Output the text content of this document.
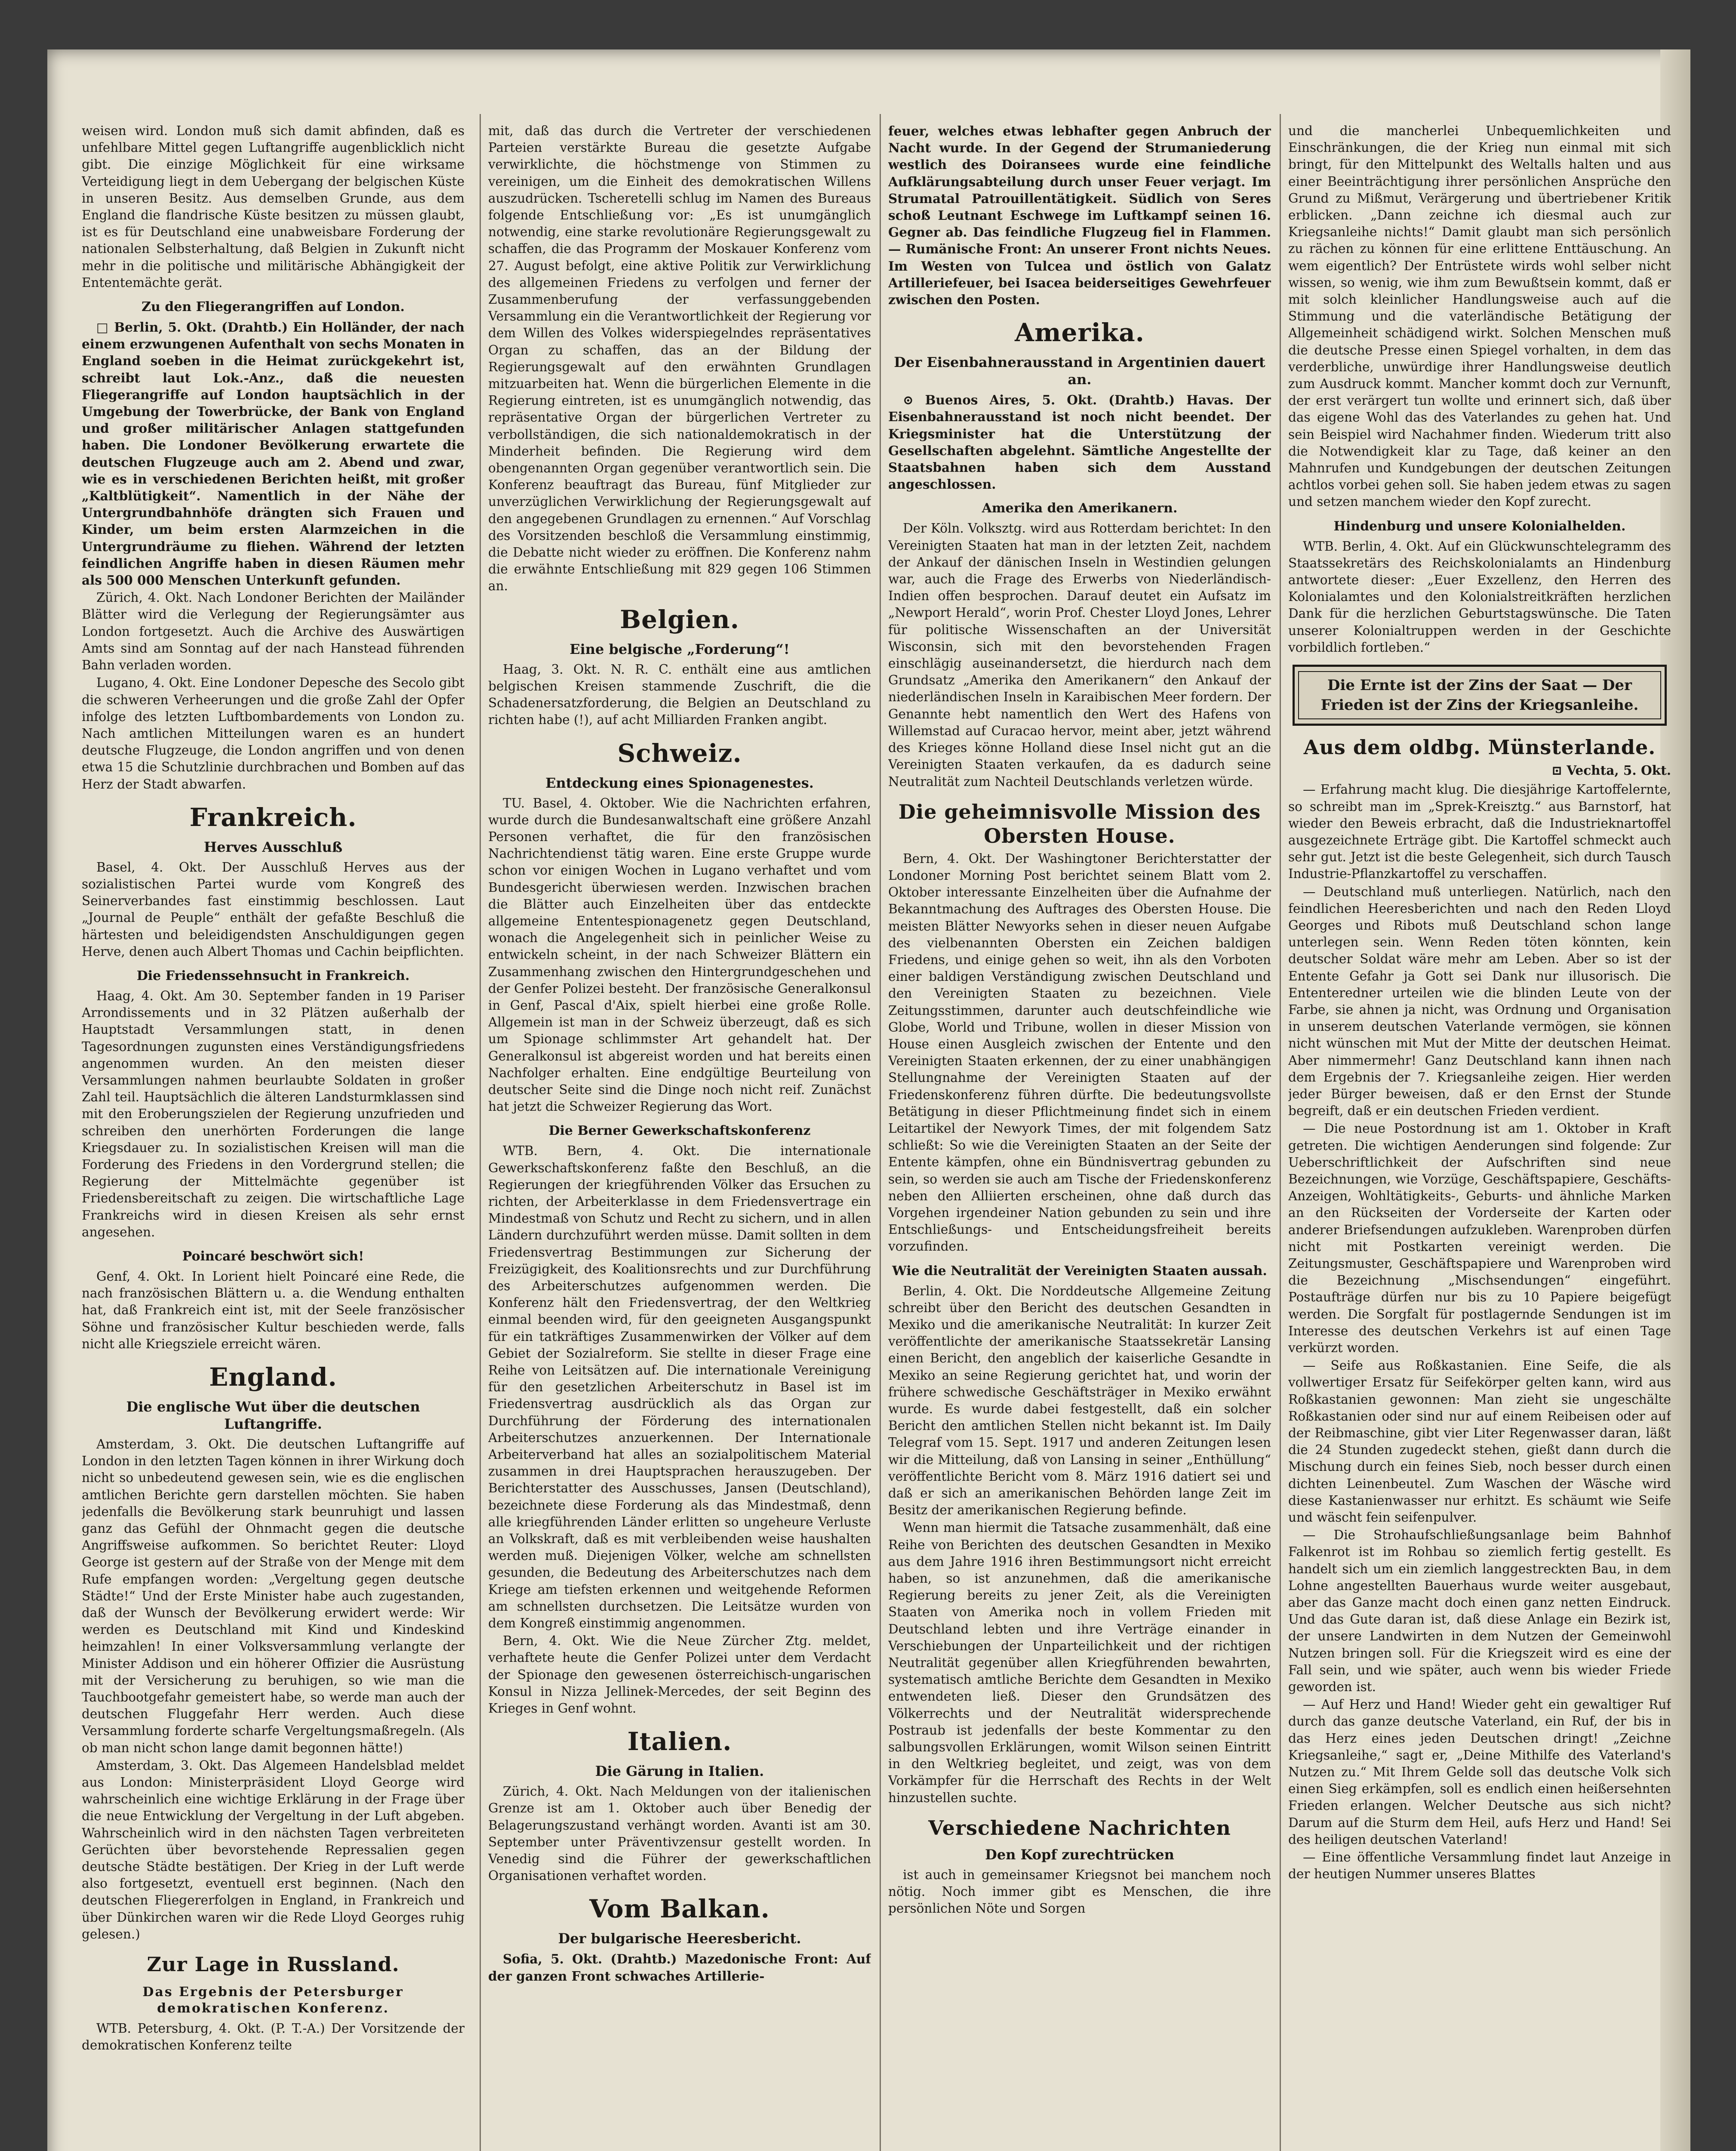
weisen wird. London muß sich damit abfinden, daß es unfehlbare Mittel gegen Luftangriffe augenblicklich nicht gibt. Die einzige Möglichkeit für eine wirksame Verteidigung liegt in dem Uebergang der belgischen Küste in unseren Besitz. Aus demselben Grunde, aus dem England die flandrische Küste besitzen zu müssen glaubt, ist es für Deutschland eine unabweisbare Forderung der nationalen Selbsterhaltung, daß Belgien in Zukunft nicht mehr in die politische und militärische Abhängigkeit der Ententemächte gerät.

Zu den Fliegerangriffen auf London.

□ Berlin, 5. Okt. (Drahtb.) Ein Holländer, der nach einem erzwungenen Aufenthalt von sechs Monaten in England soeben in die Heimat zurückgekehrt ist, schreibt laut Lok.-Anz., daß die neuesten Fliegerangriffe auf London hauptsächlich in der Umgebung der Towerbrücke, der Bank von England und großer militärischer Anlagen stattgefunden haben. Die Londoner Bevölkerung erwartete die deutschen Flugzeuge auch am 2. Abend und zwar, wie es in verschiedenen Berichten heißt, mit großer „Kaltblütigkeit“. Namentlich in der Nähe der Untergrundbahnhöfe drängten sich Frauen und Kinder, um beim ersten Alarmzeichen in die Untergrundräume zu fliehen. Während der letzten feindlichen Angriffe haben in diesen Räumen mehr als 500 000 Menschen Unterkunft gefunden.

Zürich, 4. Okt. Nach Londoner Berichten der Mailänder Blätter wird die Verlegung der Regierungsämter aus London fortgesetzt. Auch die Archive des Auswärtigen Amts sind am Sonntag auf der nach Hanstead führenden Bahn verladen worden.

Lugano, 4. Okt. Eine Londoner Depesche des Secolo gibt die schweren Verheerungen und die große Zahl der Opfer infolge des letzten Luftbombardements von London zu. Nach amtlichen Mitteilungen waren es an hundert deutsche Flugzeuge, die London angriffen und von denen etwa 15 die Schutzlinie durchbrachen und Bomben auf das Herz der Stadt abwarfen.

Frankreich.
Herves Ausschluß

Basel, 4. Okt. Der Ausschluß Herves aus der sozialistischen Partei wurde vom Kongreß des Seinerverbandes fast einstimmig beschlossen. Laut „Journal de Peuple“ enthält der gefaßte Beschluß die härtesten und beleidigendsten Anschuldigungen gegen Herve, denen auch Albert Thomas und Cachin beipflichten.

Die Friedenssehnsucht in Frankreich.

Haag, 4. Okt. Am 30. September fanden in 19 Pariser Arrondissements und in 32 Plätzen außerhalb der Hauptstadt Versammlungen statt, in denen Tagesordnungen zugunsten eines Verständigungsfriedens angenommen wurden. An den meisten dieser Versammlungen nahmen beurlaubte Soldaten in großer Zahl teil. Hauptsächlich die älteren Landsturmklassen sind mit den Eroberungszielen der Regierung unzufrieden und schreiben den unerhörten Forderungen die lange Kriegsdauer zu. In sozialistischen Kreisen will man die Forderung des Friedens in den Vordergrund stellen; die Regierung der Mittelmächte gegenüber ist Friedensbereitschaft zu zeigen. Die wirtschaftliche Lage Frankreichs wird in diesen Kreisen als sehr ernst angesehen.

Poincaré beschwört sich!

Genf, 4. Okt. In Lorient hielt Poincaré eine Rede, die nach französischen Blättern u. a. die Wendung enthalten hat, daß Frankreich eint ist, mit der Seele französischer Söhne und französischer Kultur beschieden werde, falls nicht alle Kriegsziele erreicht wären.

England.
Die englische Wut über die deutschen Luftangriffe.

Amsterdam, 3. Okt. Die deutschen Luftangriffe auf London in den letzten Tagen können in ihrer Wirkung doch nicht so unbedeutend gewesen sein, wie es die englischen amtlichen Berichte gern darstellen möchten. Sie haben jedenfalls die Bevölkerung stark beunruhigt und lassen ganz das Gefühl der Ohnmacht gegen die deutsche Angriffsweise aufkommen. So berichtet Reuter: Lloyd George ist gestern auf der Straße von der Menge mit dem Rufe empfangen worden: „Vergeltung gegen deutsche Städte!“ Und der Erste Minister habe auch zugestanden, daß der Wunsch der Bevölkerung erwidert werde: Wir werden es Deutschland mit Kind und Kindeskind heimzahlen! In einer Volksversammlung verlangte der Minister Addison und ein höherer Offizier die Ausrüstung mit der Versicherung zu beruhigen, so wie man die Tauchbootgefahr gemeistert habe, so werde man auch der deutschen Fluggefahr Herr werden. Auch diese Versammlung forderte scharfe Vergeltungsmaßregeln. (Als ob man nicht schon lange damit begonnen hätte!)

Amsterdam, 3. Okt. Das Algemeen Handelsblad meldet aus London: Ministerpräsident Lloyd George wird wahrscheinlich eine wichtige Erklärung in der Frage über die neue Entwicklung der Vergeltung in der Luft abgeben. Wahrscheinlich wird in den nächsten Tagen verbreiteten Gerüchten über bevorstehende Repressalien gegen deutsche Städte bestätigen. Der Krieg in der Luft werde also fortgesetzt, eventuell erst beginnen. (Nach den deutschen Fliegererfolgen in England, in Frankreich und über Dünkirchen waren wir die Rede Lloyd Georges ruhig gelesen.)

Zur Lage in Russland.
Das Ergebnis der Petersburger demokratischen Konferenz.

WTB. Petersburg, 4. Okt. (P. T.-A.) Der Vorsitzende der demokratischen Konferenz teilte

mit, daß das durch die Vertreter der verschiedenen Parteien verstärkte Bureau die gesetzte Aufgabe verwirklichte, die höchstmenge von Stimmen zu vereinigen, um die Einheit des demokratischen Willens auszudrücken. Tscheretelli schlug im Namen des Bureaus folgende Entschließung vor: „Es ist unumgänglich notwendig, eine starke revolutionäre Regierungsgewalt zu schaffen, die das Programm der Moskauer Konferenz vom 27. August befolgt, eine aktive Politik zur Verwirklichung des allgemeinen Friedens zu verfolgen und ferner der Zusammenberufung der verfassunggebenden Versammlung ein die Verantwortlichkeit der Regierung vor dem Willen des Volkes widerspiegelndes repräsentatives Organ zu schaffen, das an der Bildung der Regierungsgewalt auf den erwähnten Grundlagen mitzuarbeiten hat. Wenn die bürgerlichen Elemente in die Regierung eintreten, ist es unumgänglich notwendig, das repräsentative Organ der bürgerlichen Vertreter zu verbollständigen, die sich nationaldemokratisch in der Minderheit befinden. Die Regierung wird dem obengenannten Organ gegenüber verantwortlich sein. Die Konferenz beauftragt das Bureau, fünf Mitglieder zur unverzüglichen Verwirklichung der Regierungsgewalt auf den angegebenen Grundlagen zu ernennen.“ Auf Vorschlag des Vorsitzenden beschloß die Versammlung einstimmig, die Debatte nicht wieder zu eröffnen. Die Konferenz nahm die erwähnte Entschließung mit 829 gegen 106 Stimmen an.

Belgien.
Eine belgische „Forderung“!

Haag, 3. Okt. N. R. C. enthält eine aus amtlichen belgischen Kreisen stammende Zuschrift, die die Schadenersatzforderung, die Belgien an Deutschland zu richten habe (!), auf acht Milliarden Franken angibt.

Schweiz.
Entdeckung eines Spionagenestes.

TU. Basel, 4. Oktober. Wie die Nachrichten erfahren, wurde durch die Bundesanwaltschaft eine größere Anzahl Personen verhaftet, die für den französischen Nachrichtendienst tätig waren. Eine erste Gruppe wurde schon vor einigen Wochen in Lugano verhaftet und vom Bundesgericht überwiesen werden. Inzwischen brachen die Blätter auch Einzelheiten über das entdeckte allgemeine Ententespionagenetz gegen Deutschland, wonach die Angelegenheit sich in peinlicher Weise zu entwickeln scheint, in der nach Schweizer Blättern ein Zusammenhang zwischen den Hintergrundgeschehen und der Genfer Polizei besteht. Der französische Generalkonsul in Genf, Pascal d'Aix, spielt hierbei eine große Rolle. Allgemein ist man in der Schweiz überzeugt, daß es sich um Spionage schlimmster Art gehandelt hat. Der Generalkonsul ist abgereist worden und hat bereits einen Nachfolger erhalten. Eine endgültige Beurteilung von deutscher Seite sind die Dinge noch nicht reif. Zunächst hat jetzt die Schweizer Regierung das Wort.

Die Berner Gewerkschaftskonferenz

WTB. Bern, 4. Okt. Die internationale Gewerkschaftskonferenz faßte den Beschluß, an die Regierungen der kriegführenden Völker das Ersuchen zu richten, der Arbeiterklasse in dem Friedensvertrage ein Mindestmaß von Schutz und Recht zu sichern, und in allen Ländern durchzuführt werden müsse. Damit sollten in dem Friedensvertrag Bestimmungen zur Sicherung der Freizügigkeit, des Koalitionsrechts und zur Durchführung des Arbeiterschutzes aufgenommen werden. Die Konferenz hält den Friedensvertrag, der den Weltkrieg einmal beenden wird, für den geeigneten Ausgangspunkt für ein tatkräftiges Zusammenwirken der Völker auf dem Gebiet der Sozialreform. Sie stellte in dieser Frage eine Reihe von Leitsätzen auf. Die internationale Vereinigung für den gesetzlichen Arbeiterschutz in Basel ist im Friedensvertrag ausdrücklich als das Organ zur Durchführung der Förderung des internationalen Arbeiterschutzes anzuerkennen. Der Internationale Arbeiterverband hat alles an sozialpolitischem Material zusammen in drei Hauptsprachen herauszugeben. Der Berichterstatter des Ausschusses, Jansen (Deutschland), bezeichnete diese Forderung als das Mindestmaß, denn alle kriegführenden Länder erlitten so ungeheure Verluste an Volkskraft, daß es mit verbleibenden weise haushalten werden muß. Diejenigen Völker, welche am schnellsten gesunden, die Bedeutung des Arbeiterschutzes nach dem Kriege am tiefsten erkennen und weitgehende Reformen am schnellsten durchsetzen. Die Leitsätze wurden von dem Kongreß einstimmig angenommen.

Bern, 4. Okt. Wie die Neue Zürcher Ztg. meldet, verhaftete heute die Genfer Polizei unter dem Verdacht der Spionage den gewesenen österreichisch-ungarischen Konsul in Nizza Jellinek-Mercedes, der seit Beginn des Krieges in Genf wohnt.

Italien.
Die Gärung in Italien.

Zürich, 4. Okt. Nach Meldungen von der italienischen Grenze ist am 1. Oktober auch über Benedig der Belagerungszustand verhängt worden. Avanti ist am 30. September unter Präventivzensur gestellt worden. In Venedig sind die Führer der gewerkschaftlichen Organisationen verhaftet worden.

Vom Balkan.
Der bulgarische Heeresbericht.

Sofia, 5. Okt. (Drahtb.) Mazedonische Front: Auf der ganzen Front schwaches Artillerie-

feuer, welches etwas lebhafter gegen Anbruch der Nacht wurde. In der Gegend der Strumaniederung westlich des Doiransees wurde eine feindliche Aufklärungsabteilung durch unser Feuer verjagt. Im Strumatal Patrouillentätigkeit. Südlich von Seres schoß Leutnant Eschwege im Luftkampf seinen 16. Gegner ab. Das feindliche Flugzeug fiel in Flammen. — Rumänische Front: An unserer Front nichts Neues. Im Westen von Tulcea und östlich von Galatz Artilleriefeuer, bei Isacea beiderseitiges Gewehrfeuer zwischen den Posten.

Amerika.
Der Eisenbahnerausstand in Argentinien dauert an.

⊙ Buenos Aires, 5. Okt. (Drahtb.) Havas. Der Eisenbahnerausstand ist noch nicht beendet. Der Kriegsminister hat die Unterstützung der Gesellschaften abgelehnt. Sämtliche Angestellte der Staatsbahnen haben sich dem Ausstand angeschlossen.

Amerika den Amerikanern.

Der Köln. Volksztg. wird aus Rotterdam berichtet: In den Vereinigten Staaten hat man in der letzten Zeit, nachdem der Ankauf der dänischen Inseln in Westindien gelungen war, auch die Frage des Erwerbs von Niederländisch-Indien offen besprochen. Darauf deutet ein Aufsatz im „Newport Herald“, worin Prof. Chester Lloyd Jones, Lehrer für politische Wissenschaften an der Universität Wisconsin, sich mit den bevorstehenden Fragen einschlägig auseinandersetzt, die hierdurch nach dem Grundsatz „Amerika den Amerikanern“ den Ankauf der niederländischen Inseln in Karaibischen Meer fordern. Der Genannte hebt namentlich den Wert des Hafens von Willemstad auf Curacao hervor, meint aber, jetzt während des Krieges könne Holland diese Insel nicht gut an die Vereinigten Staaten verkaufen, da es dadurch seine Neutralität zum Nachteil Deutschlands verletzen würde.

Die geheimnisvolle Mission des Obersten House.

Bern, 4. Okt. Der Washingtoner Berichterstatter der Londoner Morning Post berichtet seinem Blatt vom 2. Oktober interessante Einzelheiten über die Aufnahme der Bekanntmachung des Auftrages des Obersten House. Die meisten Blätter Newyorks sehen in dieser neuen Aufgabe des vielbenannten Obersten ein Zeichen baldigen Friedens, und einige gehen so weit, ihn als den Vorboten einer baldigen Verständigung zwischen Deutschland und den Vereinigten Staaten zu bezeichnen. Viele Zeitungsstimmen, darunter auch deutschfeindliche wie Globe, World und Tribune, wollen in dieser Mission von House einen Ausgleich zwischen der Entente und den Vereinigten Staaten erkennen, der zu einer unabhängigen Stellungnahme der Vereinigten Staaten auf der Friedenskonferenz führen dürfte. Die bedeutungsvollste Betätigung in dieser Pflichtmeinung findet sich in einem Leitartikel der Newyork Times, der mit folgendem Satz schließt: So wie die Vereinigten Staaten an der Seite der Entente kämpfen, ohne ein Bündnisvertrag gebunden zu sein, so werden sie auch am Tische der Friedenskonferenz neben den Alliierten erscheinen, ohne daß durch das Vorgehen irgendeiner Nation gebunden zu sein und ihre Entschließungs- und Entscheidungsfreiheit bereits vorzufinden.

Wie die Neutralität der Vereinigten Staaten aussah.

Berlin, 4. Okt. Die Norddeutsche Allgemeine Zeitung schreibt über den Bericht des deutschen Gesandten in Mexiko und die amerikanische Neutralität: In kurzer Zeit veröffentlichte der amerikanische Staatssekretär Lansing einen Bericht, den angeblich der kaiserliche Gesandte in Mexiko an seine Regierung gerichtet hat, und worin der frühere schwedische Geschäftsträger in Mexiko erwähnt wurde. Es wurde dabei festgestellt, daß ein solcher Bericht den amtlichen Stellen nicht bekannt ist. Im Daily Telegraf vom 15. Sept. 1917 und anderen Zeitungen lesen wir die Mitteilung, daß von Lansing in seiner „Enthüllung“ veröffentlichte Bericht vom 8. März 1916 datiert sei und daß er sich an amerikanischen Behörden lange Zeit im Besitz der amerikanischen Regierung befinde.

Wenn man hiermit die Tatsache zusammenhält, daß eine Reihe von Berichten des deutschen Gesandten in Mexiko aus dem Jahre 1916 ihren Bestimmungsort nicht erreicht haben, so ist anzunehmen, daß die amerikanische Regierung bereits zu jener Zeit, als die Vereinigten Staaten von Amerika noch in vollem Frieden mit Deutschland lebten und ihre Verträge einander in Verschiebungen der Unparteilichkeit und der richtigen Neutralität gegenüber allen Kriegführenden bewahrten, systematisch amtliche Berichte dem Gesandten in Mexiko entwendeten ließ. Dieser den Grundsätzen des Völkerrechts und der Neutralität widersprechende Postraub ist jedenfalls der beste Kommentar zu den salbungsvollen Erklärungen, womit Wilson seinen Eintritt in den Weltkrieg begleitet, und zeigt, was von dem Vorkämpfer für die Herrschaft des Rechts in der Welt hinzustellen suchte.

Verschiedene Nachrichten
Den Kopf zurechtrücken

ist auch in gemeinsamer Kriegsnot bei manchem noch nötig. Noch immer gibt es Menschen, die ihre persönlichen Nöte und Sorgen

und die mancherlei Unbequemlichkeiten und Einschränkungen, die der Krieg nun einmal mit sich bringt, für den Mittelpunkt des Weltalls halten und aus einer Beeinträchtigung ihrer persönlichen Ansprüche den Grund zu Mißmut, Verärgerung und übertriebener Kritik erblicken. „Dann zeichne ich diesmal auch zur Kriegsanleihe nichts!“ Damit glaubt man sich persönlich zu rächen zu können für eine erlittene Enttäuschung. An wem eigentlich? Der Entrüstete wirds wohl selber nicht wissen, so wenig, wie ihm zum Bewußtsein kommt, daß er mit solch kleinlicher Handlungsweise auch auf die Stimmung und die vaterländische Betätigung der Allgemeinheit schädigend wirkt. Solchen Menschen muß die deutsche Presse einen Spiegel vorhalten, in dem das verderbliche, unwürdige ihrer Handlungsweise deutlich zum Ausdruck kommt. Mancher kommt doch zur Vernunft, der erst verärgert tun wollte und erinnert sich, daß über das eigene Wohl das des Vaterlandes zu gehen hat. Und sein Beispiel wird Nachahmer finden. Wiederum tritt also die Notwendigkeit klar zu Tage, daß keiner an den Mahnrufen und Kundgebungen der deutschen Zeitungen achtlos vorbei gehen soll. Sie haben jedem etwas zu sagen und setzen manchem wieder den Kopf zurecht.

Hindenburg und unsere Kolonialhelden.

WTB. Berlin, 4. Okt. Auf ein Glückwunschtelegramm des Staatssekretärs des Reichskolonialamts an Hindenburg antwortete dieser: „Euer Exzellenz, den Herren des Kolonialamtes und den Kolonialstreitkräften herzlichen Dank für die herzlichen Geburtstagswünsche. Die Taten unserer Kolonialtruppen werden in der Geschichte vorbildlich fortleben.“

Die Ernte ist der Zins der Saat — Der Frieden ist der Zins der Kriegsanleihe.
Aus dem oldbg. Münsterlande.
⊡ Vechta, 5. Okt.

— Erfahrung macht klug. Die diesjährige Kartoffelernte, so schreibt man im „Sprek-Kreisztg.“ aus Barnstorf, hat wieder den Beweis erbracht, daß die Industrieknartoffel ausgezeichnete Erträge gibt. Die Kartoffel schmeckt auch sehr gut. Jetzt ist die beste Gelegenheit, sich durch Tausch Industrie-Pflanzkartoffel zu verschaffen.

— Deutschland muß unterliegen. Natürlich, nach den feindlichen Heeresberichten und nach den Reden Lloyd Georges und Ribots muß Deutschland schon lange unterlegen sein. Wenn Reden töten könnten, kein deutscher Soldat wäre mehr am Leben. Aber so ist der Entente Gefahr ja Gott sei Dank nur illusorisch. Die Ententeredner urteilen wie die blinden Leute von der Farbe, sie ahnen ja nicht, was Ordnung und Organisation in unserem deutschen Vaterlande vermögen, sie können nicht wünschen mit Mut der Mitte der deutschen Heimat. Aber nimmermehr! Ganz Deutschland kann ihnen nach dem Ergebnis der 7. Kriegsanleihe zeigen. Hier werden jeder Bürger beweisen, daß er den Ernst der Stunde begreift, daß er ein deutschen Frieden verdient.

— Die neue Postordnung ist am 1. Oktober in Kraft getreten. Die wichtigen Aenderungen sind folgende: Zur Ueberschriftlichkeit der Aufschriften sind neue Bezeichnungen, wie Vorzüge, Geschäftspapiere, Geschäfts-Anzeigen, Wohltätigkeits-, Geburts- und ähnliche Marken an den Rückseiten der Vorderseite der Karten oder anderer Briefsendungen aufzukleben. Warenproben dürfen nicht mit Postkarten vereinigt werden. Die Zeitungsmuster, Geschäftspapiere und Warenproben wird die Bezeichnung „Mischsendungen“ eingeführt. Postaufträge dürfen nur bis zu 10 Papiere beigefügt werden. Die Sorgfalt für postlagernde Sendungen ist im Interesse des deutschen Verkehrs ist auf einen Tage verkürzt worden.

— Seife aus Roßkastanien. Eine Seife, die als vollwertiger Ersatz für Seifekörper gelten kann, wird aus Roßkastanien gewonnen: Man zieht sie ungeschälte Roßkastanien oder sind nur auf einem Reibeisen oder auf der Reibmaschine, gibt vier Liter Regenwasser daran, läßt die 24 Stunden zugedeckt stehen, gießt dann durch die Mischung durch ein feines Sieb, noch besser durch einen dichten Leinenbeutel. Zum Waschen der Wäsche wird diese Kastanienwasser nur erhitzt. Es schäumt wie Seife und wäscht fein seifenpulver.

— Die Strohaufschließungsanlage beim Bahnhof Falkenrot ist im Rohbau so ziemlich fertig gestellt. Es handelt sich um ein ziemlich langgestreckten Bau, in dem Lohne angestellten Bauerhaus wurde weiter ausgebaut, aber das Ganze macht doch einen ganz netten Eindruck. Und das Gute daran ist, daß diese Anlage ein Bezirk ist, der unsere Landwirten in dem Nutzen der Gemeinwohl Nutzen bringen soll. Für die Kriegszeit wird es eine der Fall sein, und wie später, auch wenn bis wieder Friede geworden ist.

— Auf Herz und Hand! Wieder geht ein gewaltiger Ruf durch das ganze deutsche Vaterland, ein Ruf, der bis in das Herz eines jeden Deutschen dringt! „Zeichne Kriegsanleihe,“ sagt er, „Deine Mithilfe des Vaterland's Nutzen zu.“ Mit Ihrem Gelde soll das deutsche Volk sich einen Sieg erkämpfen, soll es endlich einen heißersehnten Frieden erlangen. Welcher Deutsche aus sich nicht? Darum auf die Sturm dem Heil, aufs Herz und Hand! Sei des heiligen deutschen Vaterland!

— Eine öffentliche Versammlung findet laut Anzeige in der heutigen Nummer unseres Blattes
